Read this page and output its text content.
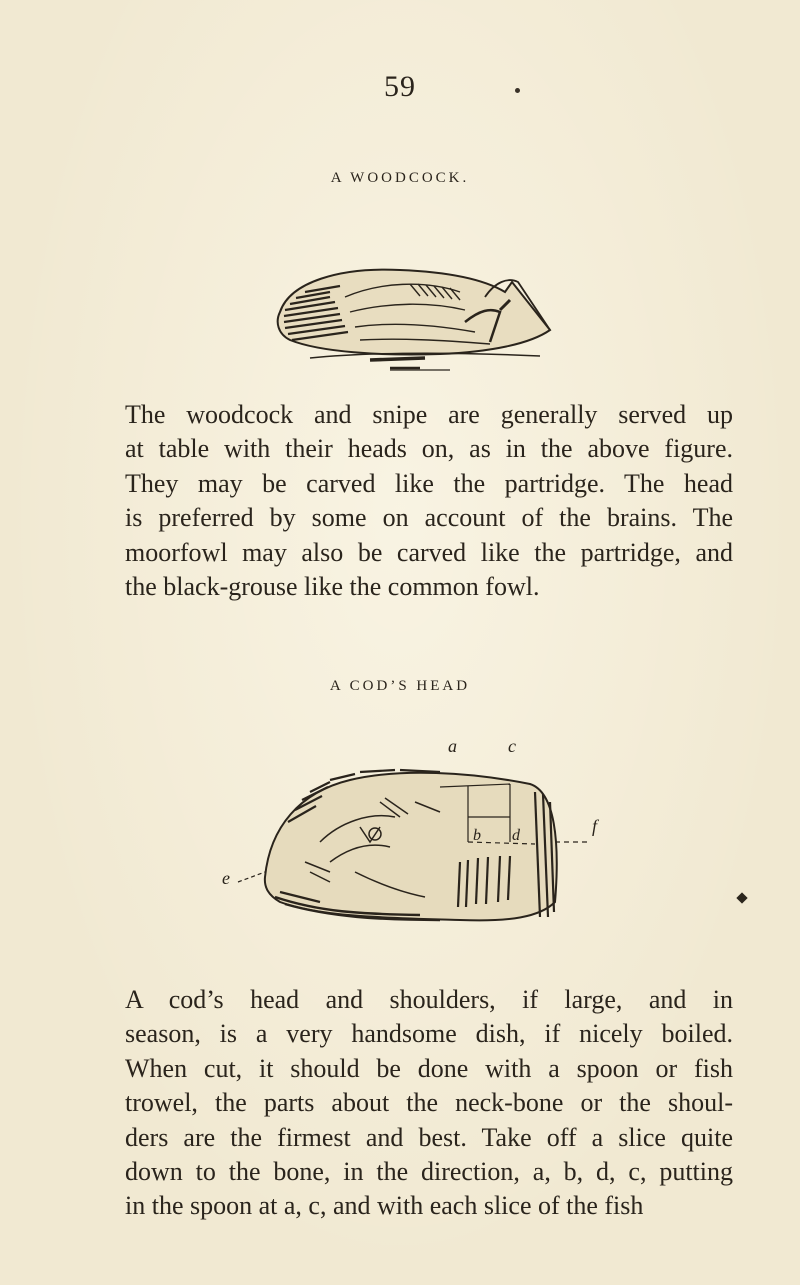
59
A WOODCOCK.

The woodcock and snipe are generally served up
at table with their heads on, as in the above figure.
They may be carved like the partridge. The head
is preferred by some on account of the brains. The
moorfowl may also be carved like the partridge, and
the black-grouse like the common fowl.

A COD’S HEAD
a	c
b d	f
e

A cod’s head and shoulders, if large, and in
season, is a very handsome dish, if nicely boiled.
When cut, it should be done with a spoon or fish
trowel, the parts about the neck-bone or the shoul-
ders are the firmest and best. Take off a slice quite
down to the bone, in the direction, a, b, d, c, putting
in the spoon at a, c, and with each slice of the fish
